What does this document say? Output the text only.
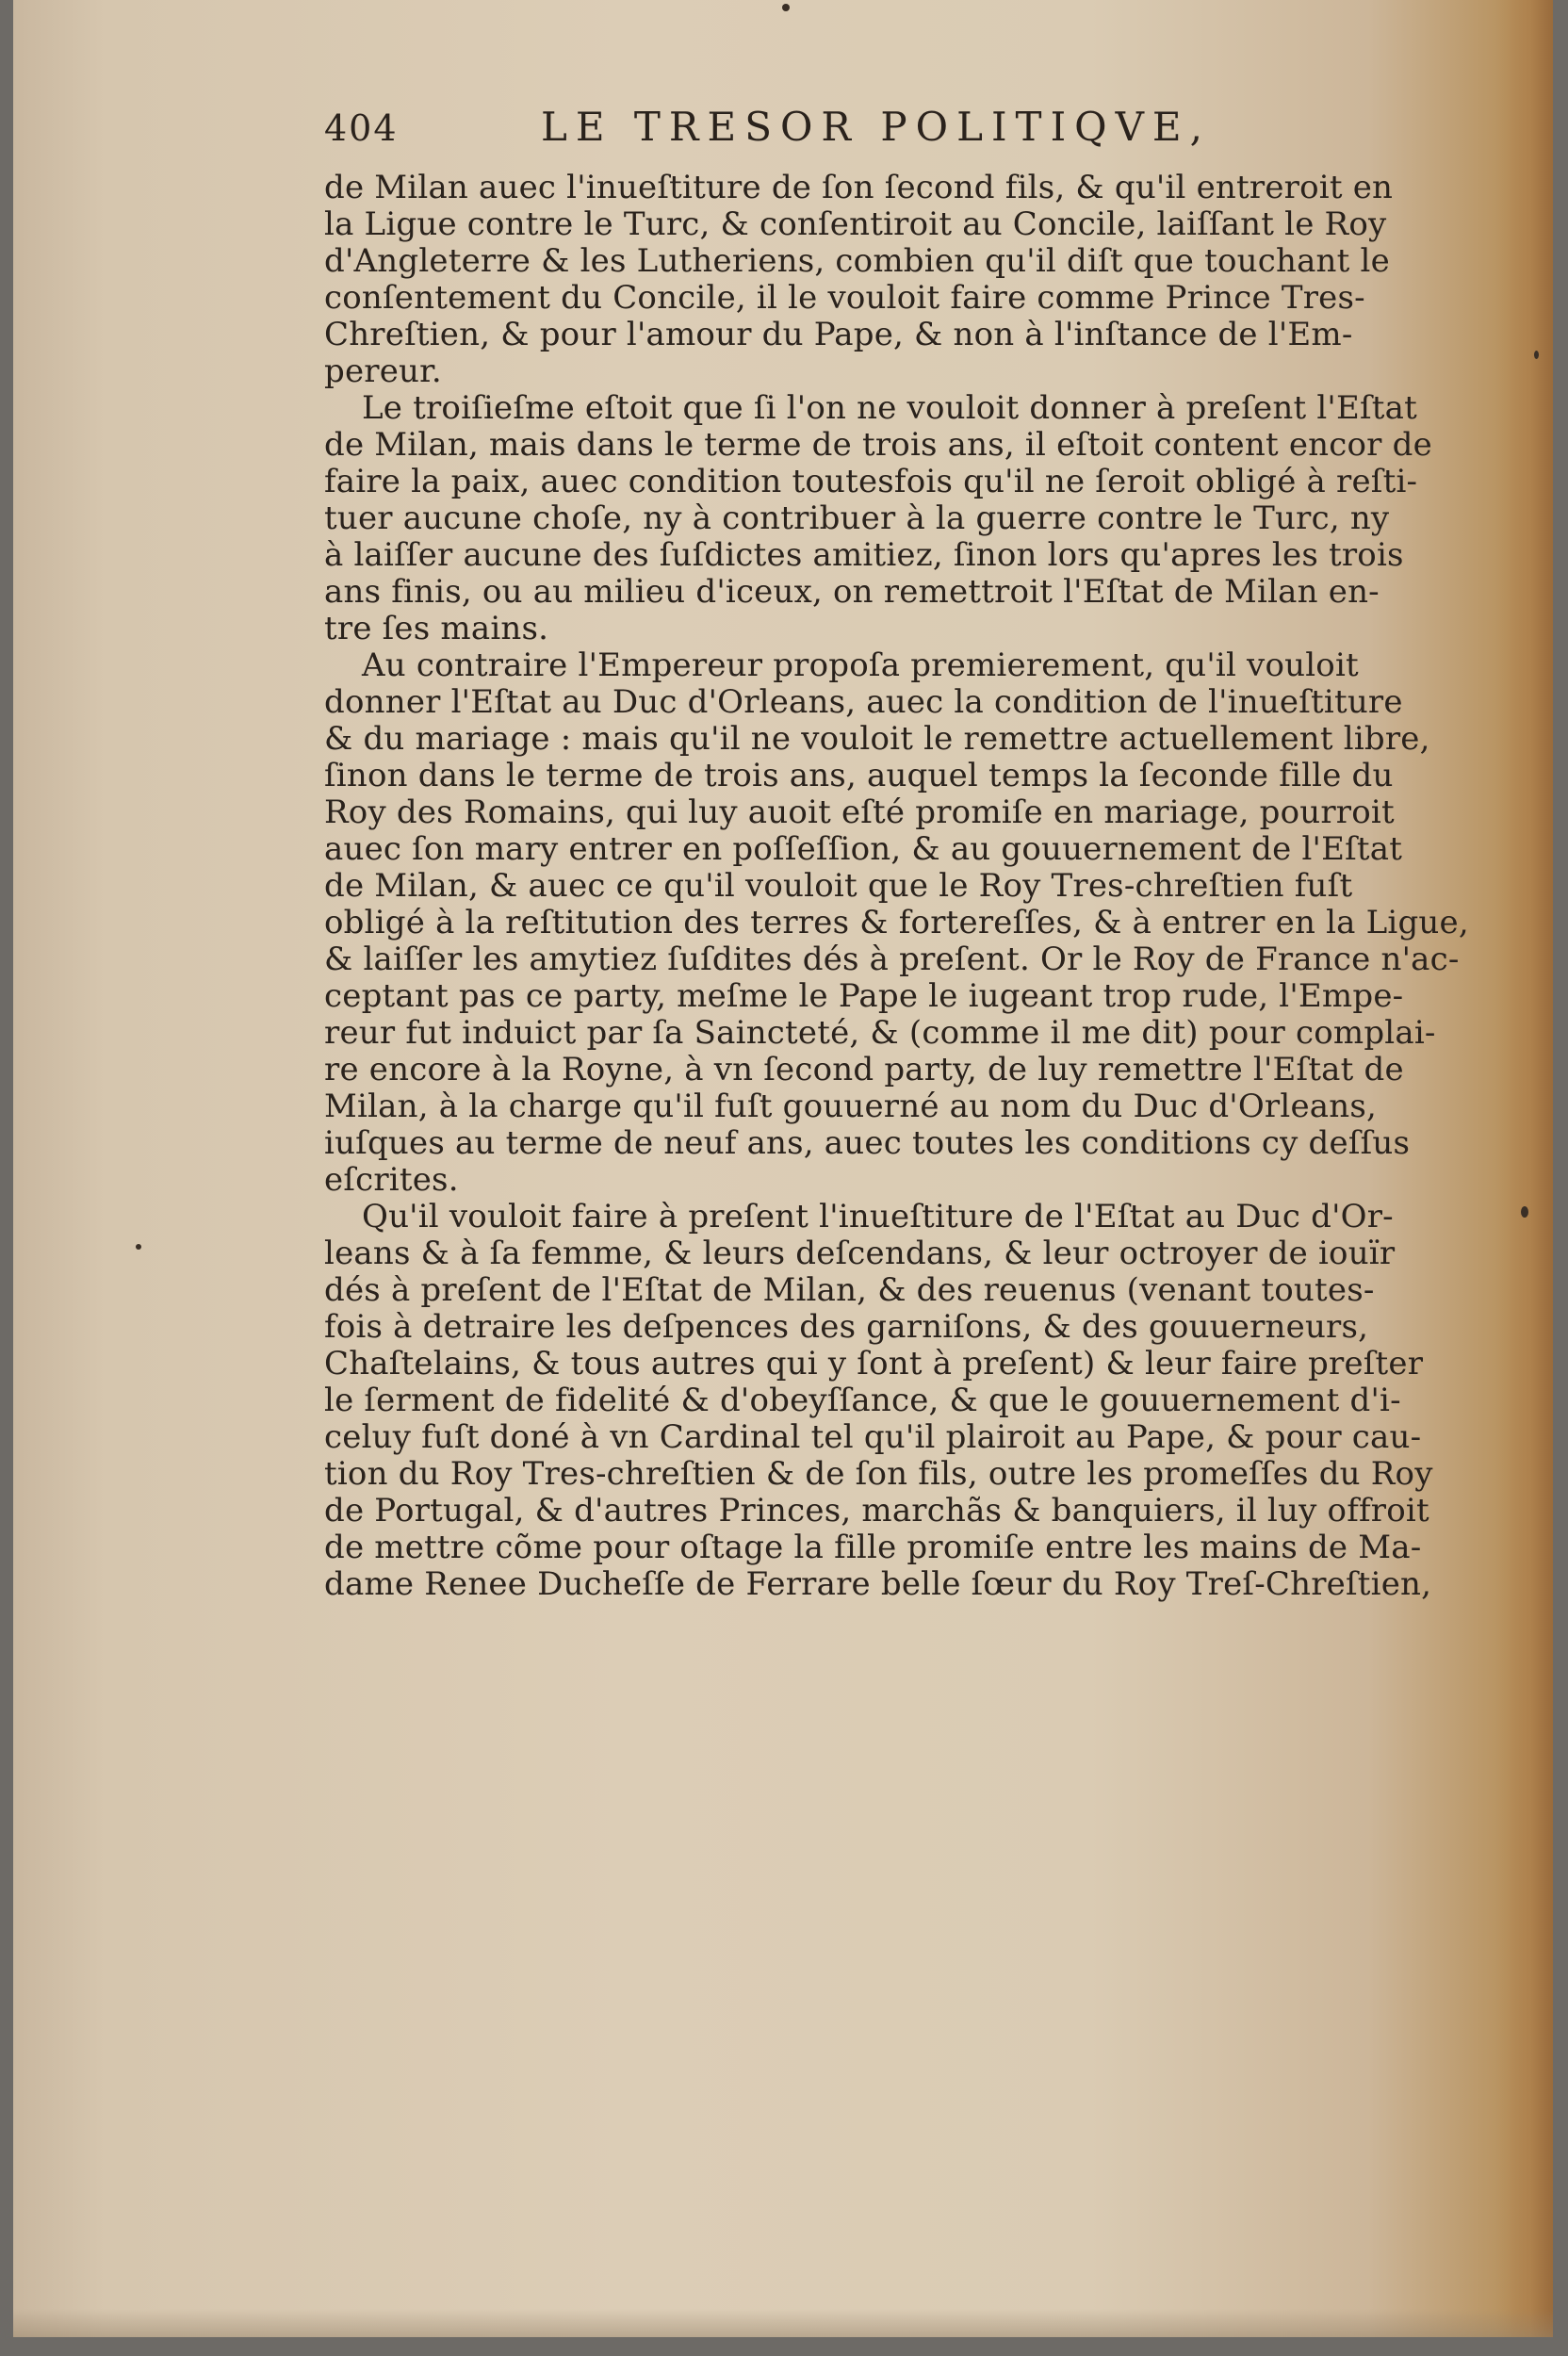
404	LE TRESOR POLITIQVE,
de Milan auec l'inueſtiture de ſon ſecond fils, & qu'il entreroit en
la Ligue contre le Turc, & conſentiroit au Concile, laiſſant le Roy
d'Angleterre & les Lutheriens, combien qu'il diſt que touchant le
conſentement du Concile, il le vouloit faire comme Prince Tres-
Chreſtien, & pour l'amour du Pape, & non à l'inſtance de l'Em-
pereur.
Le troiſieſme eſtoit que ſi l'on ne vouloit donner à preſent l'Eſtat
de Milan, mais dans le terme de trois ans, il eſtoit content encor de
faire la paix, auec condition toutesfois qu'il ne ſeroit obligé à reſti-
tuer aucune choſe, ny à contribuer à la guerre contre le Turc, ny
à laiſſer aucune des ſuſdictes amitiez, ſinon lors qu'apres les trois
ans finis, ou au milieu d'iceux, on remettroit l'Eſtat de Milan en-
tre ſes mains.
Au contraire l'Empereur propoſa premierement, qu'il vouloit
donner l'Eſtat au Duc d'Orleans, auec la condition de l'inueſtiture
& du mariage : mais qu'il ne vouloit le remettre actuellement libre,
ſinon dans le terme de trois ans, auquel temps la ſeconde fille du
Roy des Romains, qui luy auoit eſté promiſe en mariage, pourroit
auec ſon mary entrer en poſſeſſion, & au gouuernement de l'Eſtat
de Milan, & auec ce qu'il vouloit que le Roy Tres-chreſtien fuſt
obligé à la reſtitution des terres & fortereſſes, & à entrer en la Ligue,
& laiſſer les amytiez ſuſdites dés à preſent. Or le Roy de France n'ac-
ceptant pas ce party, meſme le Pape le iugeant trop rude, l'Empe-
reur fut induict par ſa Saincteté, & (comme il me dit) pour complai-
re encore à la Royne, à vn ſecond party, de luy remettre l'Eſtat de
Milan, à la charge qu'il fuſt gouuerné au nom du Duc d'Orleans,
iuſques au terme de neuf ans, auec toutes les conditions cy deſſus
eſcrites.
Qu'il vouloit faire à preſent l'inueſtiture de l'Eſtat au Duc d'Or-
leans & à ſa femme, & leurs deſcendans, & leur octroyer de iouïr
dés à preſent de l'Eſtat de Milan, & des reuenus (venant toutes-
fois à detraire les deſpences des garniſons, & des gouuerneurs,
Chaſtelains, & tous autres qui y ſont à preſent) & leur faire preſter
le ſerment de fidelité & d'obeyſſance, & que le gouuernement d'i-
celuy fuſt doné à vn Cardinal tel qu'il plairoit au Pape, & pour cau-
tion du Roy Tres-chreſtien & de ſon fils, outre les promeſſes du Roy
de Portugal, & d'autres Princes, marchãs & banquiers, il luy offroit
de mettre cõme pour oſtage la fille promiſe entre les mains de Ma-
dame Renee Ducheſſe de Ferrare belle ſœur du Roy Treſ-Chreſtien,
